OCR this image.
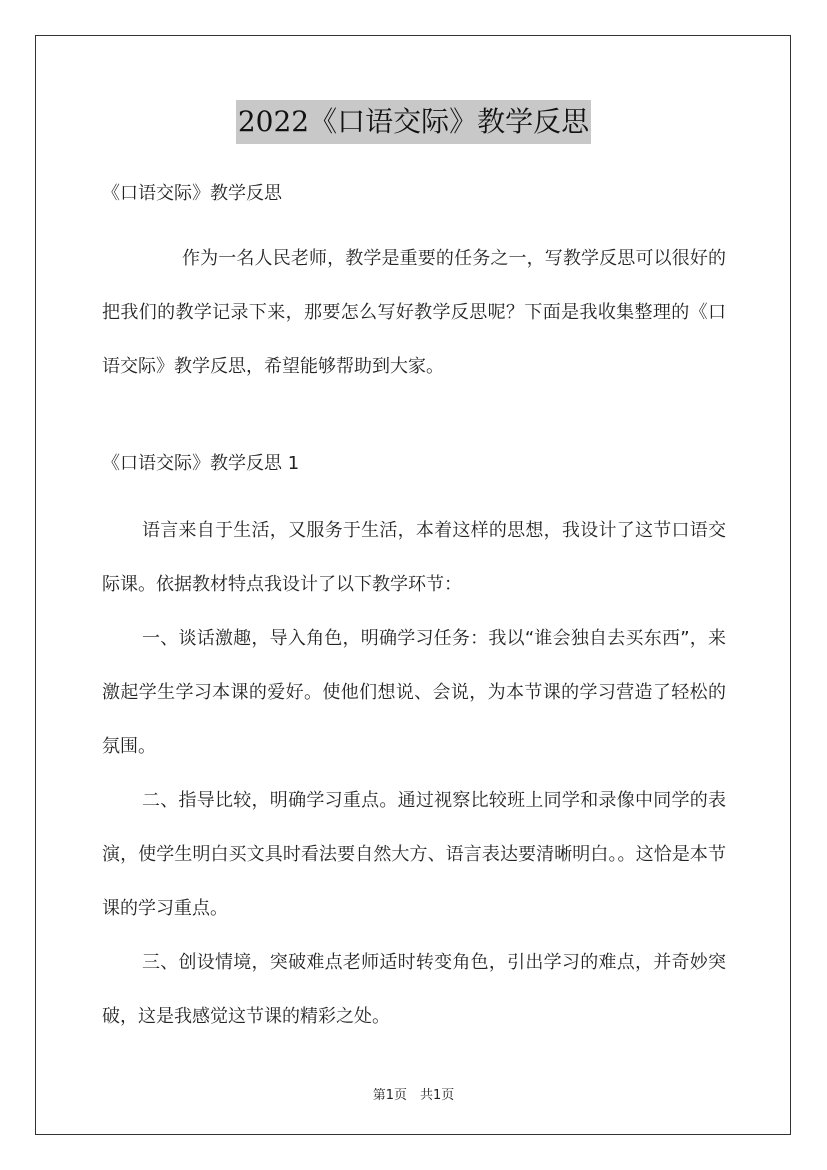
2022《口语交际》教学反思
《口语交际》教学反思
作为一名人民老师，教学是重要的任务之一，写教学反思可以很好的把我们的教学记录下来，那要怎么写好教学反思呢？下面是我收集整理的《口语交际》教学反思，希望能够帮助到大家。
《口语交际》教学反思 1

语言来自于生活，又服务于生活，本着这样的思想，我设计了这节口语交际课。依据教材特点我设计了以下教学环节：

一、谈话激趣，导入角色，明确学习任务：我以“谁会独自去买东西”，来激起学生学习本课的爱好。使他们想说、会说，为本节课的学习营造了轻松的氛围。

二、指导比较，明确学习重点。通过视察比较班上同学和录像中同学的表演，使学生明白买文具时看法要自然大方、语言表达要清晰明白。。这恰是本节课的学习重点。

三、创设情境，突破难点老师适时转变角色，引出学习的难点，并奇妙突破，这是我感觉这节课的精彩之处。

第1页　共1页
